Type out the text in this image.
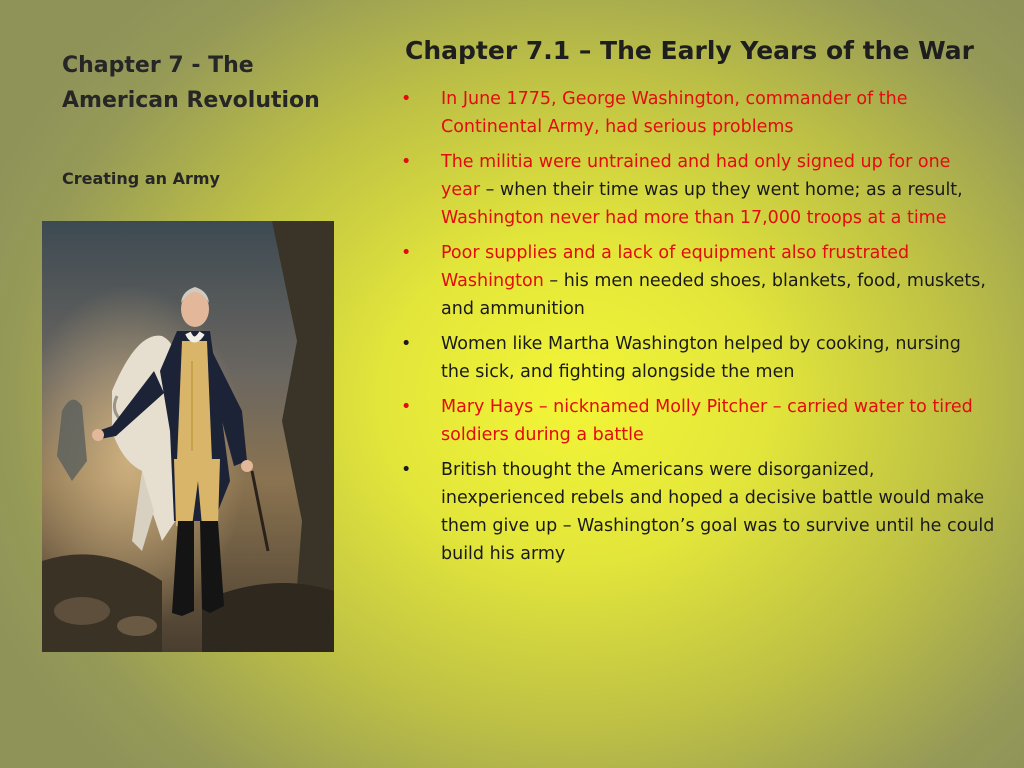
Chapter 7 - The American Revolution
Creating an Army
Chapter 7.1 – The Early Years of the War
• In June 1775, George Washington, commander of the Continental Army, had serious problems
• The militia were untrained and had only signed up for one year – when their time was up they went home; as a result, Washington never had more than 17,000 troops at a time
• Poor supplies and a lack of equipment also frustrated Washington – his men needed shoes, blankets, food, muskets, and ammunition
• Women like Martha Washington helped by cooking, nursing the sick, and fighting alongside the men
• Mary Hays – nicknamed Molly Pitcher – carried water to tired soldiers during a battle
• British thought the Americans were disorganized, inexperienced rebels and hoped a decisive battle would make them give up – Washington’s goal was to survive until he could build his army
